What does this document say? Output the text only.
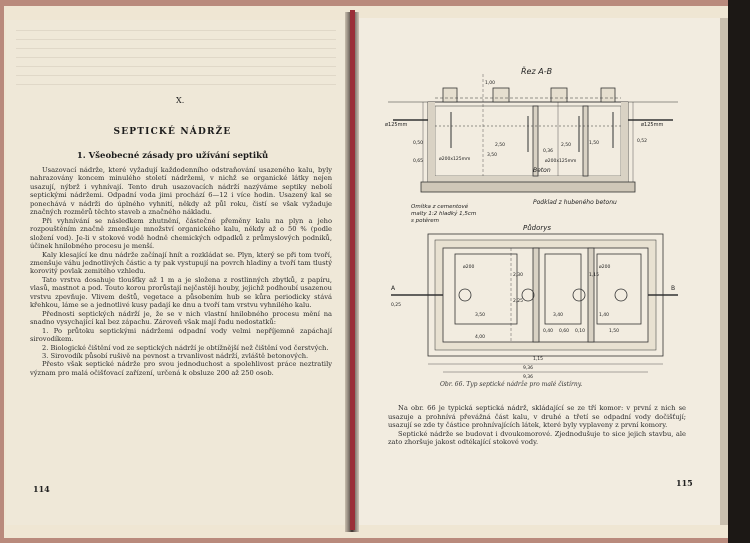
X.
SEPTICKÉ NÁDRŽE
1. Všeobecné zásady pro užívání septiků

Usazovací nádrže, které vyžadují každodenního odstraňování usazeného kalu, byly nahrazovány koncem minulého století nádržemi, v nichž se organické látky nejen usazují, nýbrž i vyhnívají. Tento druh usazovacích nádrží nazýváme septiky nebolí septickými nádržemi. Odpadní voda jimi prochází 6—12 i více hodin. Usazený kal se ponechává v nádrži do úplného vyhnití, někdy až půl roku, čistí se však vyžaduje značných rozměrů těchto staveb a značného nákladu.

Při vyhnívání se následkem zhutnění, částečné přeměny kalu na plyn a jeho rozpouštěním značně zmenšuje množství organického kalu, někdy až o 50 % (podle složení vod). Je-li v stokové vodě hodně chemických odpadků z průmyslových podniků, účinek hnilobného procesu je menší.

Kaly klesající ke dnu nádrže začínají hnít a rozkládat se. Plyn, který se při tom tvoří, zmenšuje váhu jednotlivých částic a ty pak vystupují na povrch hladiny a tvoří tam tlustý korovitý povlak zemitého vzhledu.

Tato vrstva dosahuje tloušťky až 1 m a je složena z rostlinných zbytků, z papíru, vlasů, mastnot a pod. Touto korou prorůstají nejčastěji houby, jejichž podhoubí usazenou vrstvu zpevňuje. Vlivem deštů, vegetace a působením hub se kůra periodicky stává křehkou, láme se a jednotlivé kusy padají ke dnu a tvoří tam vrstvu vyhnilého kalu.

Přednosti septických nádrží je, že se v nich vlastní hnilobného procesu mění na snadno vysychající kal bez zápachu. Zároveň však mají řadu nedostatků:

1. Po průtoku septickými nádržemi odpadní vody velmi nepříjemně zapáchají sirovodíkem.

2. Biologické čištění vod ze septických nádrží je obtížnější než čištění vod čerstvých.

3. Sirovodík působí rušivě na pevnost a trvanlivost nádrží, zvláště betonových.

Přesto však septické nádrže pro svou jednoduchost a spolehlivost práce neztratily význam pro malá očišťovací zařízení, určená k obsluze 200 až 250 osob.

114
Řez A-B
ø125mm	ø125mm
ø200x125mm	ø200x125mm
Beton
Podklad z hubeného betonu
Omítka z cementové
malty 1:2 hladký 1,5cm
s potěrem
1,00
2,50
3,50
2,50	1,50
0,50	0,52
0,65
0,36
Půdorys
A	B
ø200	ø200
3,50	3,40
4,00
1,40
1,15
9,36
9,36
0,25
2,30
0,40 0,60 0,10
1,15
2,25
1,50
Obr. 66. Typ septické nádrže pro malé čistírny.

Na obr. 66 je typická septická nádrž, skládající se ze tří komor: v první z nich se usazuje a prohnívá převážná část kalu, v druhé a třetí se odpadní vody dočišťují; usazují se zde ty částice prohnívajících látek, které byly vyplaveny z první komory.

Septické nádrže se budovat i dvoukomorové. Zjednodušuje to sice jejich stavbu, ale zato zhoršuje jakost odtékající stokové vody.

115
